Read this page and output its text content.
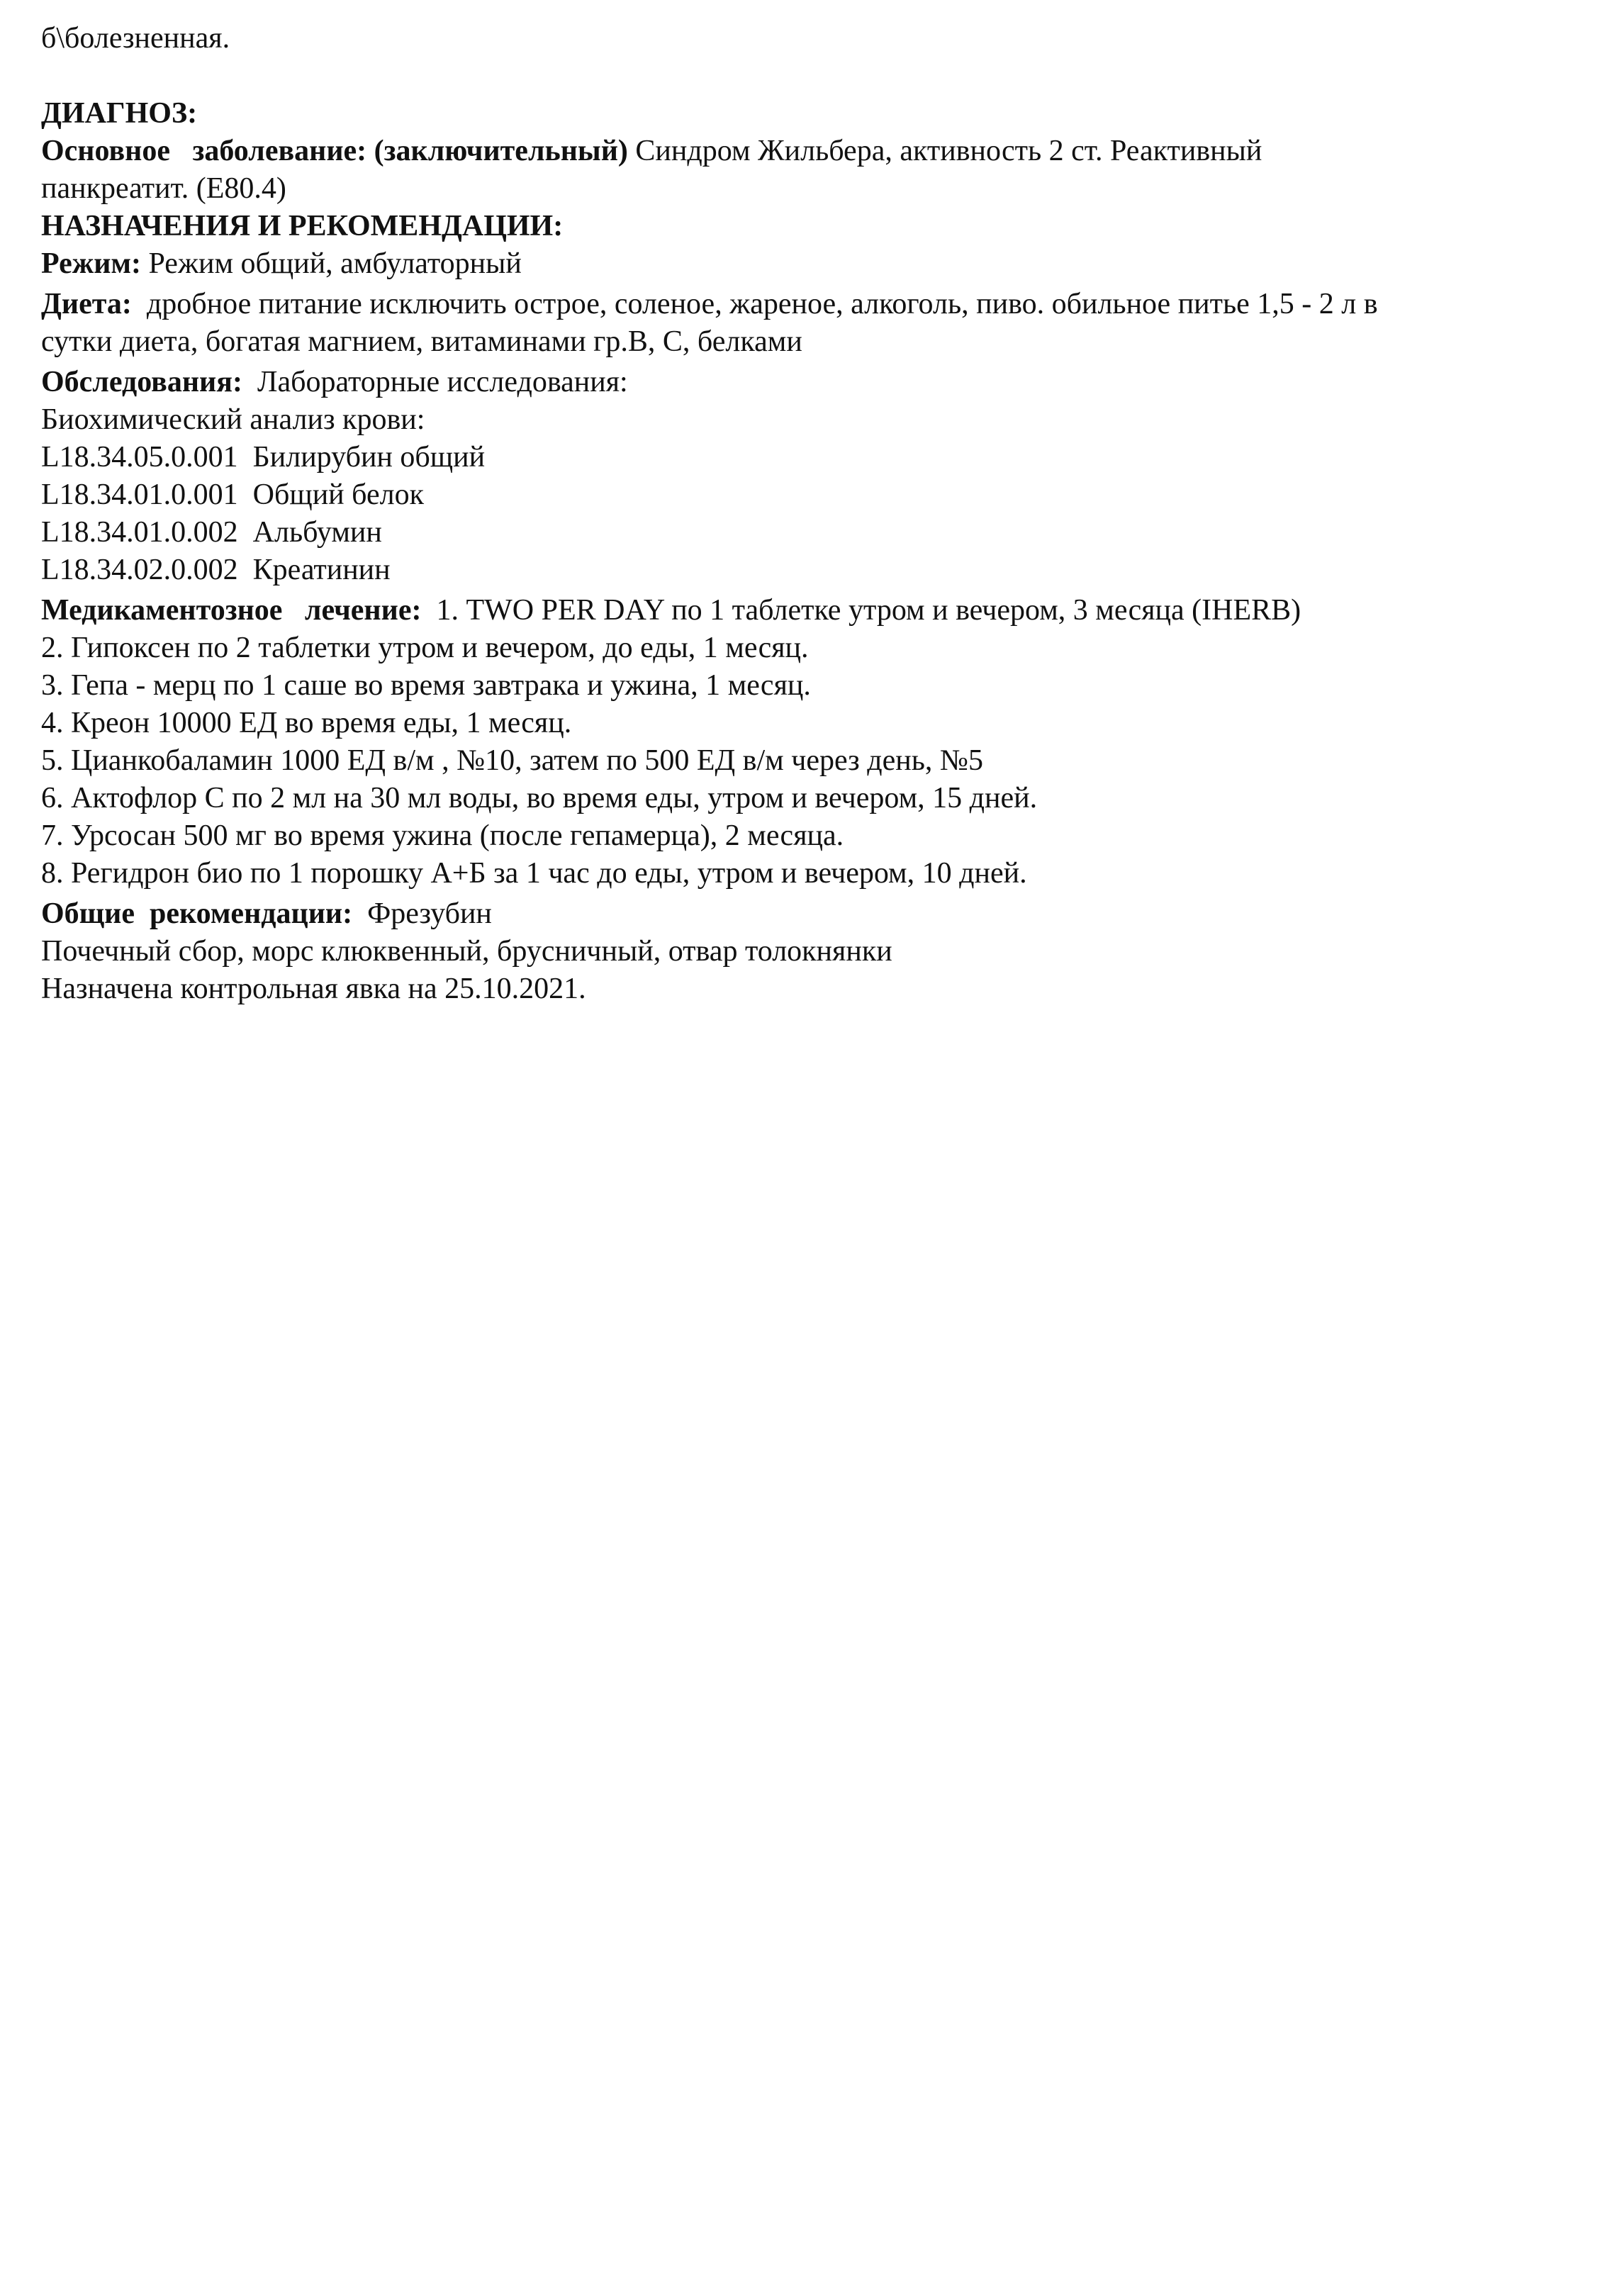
б\болезненная.

ДИАГНОЗ:

Основное   заболевание: (заключительный) Синдром Жильбера, активность 2 ст. Реактивный

панкреатит. (Е80.4)

НАЗНАЧЕНИЯ И РЕКОМЕНДАЦИИ:

Режим: Режим общий, амбулаторный

Диета:  дробное питание исключить острое, соленое, жареное, алкоголь, пиво. обильное питье 1,5 - 2 л в

сутки диета, богатая магнием, витаминами гр.В, С, белками

Обследования:  Лабораторные исследования:

Биохимический анализ крови:

L18.34.05.0.001  Билирубин общий

L18.34.01.0.001  Общий белок

L18.34.01.0.002  Альбумин

L18.34.02.0.002  Креатинин

Медикаментозное   лечение:  1. TWO PER DAY по 1 таблетке утром и вечером, 3 месяца (IHERB)

2. Гипоксен по 2 таблетки утром и вечером, до еды, 1 месяц.

3. Гепа - мерц по 1 саше во время завтрака и ужина, 1 месяц.

4. Креон 10000 ЕД во время еды, 1 месяц.

5. Цианкобаламин 1000 ЕД в/м , №10, затем по 500 ЕД в/м через день, №5

6. Актофлор С по 2 мл на 30 мл воды, во время еды, утром и вечером, 15 дней.

7. Урсосан 500 мг во время ужина (после гепамерца), 2 месяца.

8. Регидрон био по 1 порошку А+Б за 1 час до еды, утром и вечером, 10 дней.

Общие  рекомендации:  Фрезубин

Почечный сбор, морс клюквенный, брусничный, отвар толокнянки

Назначена контрольная явка на 25.10.2021.
